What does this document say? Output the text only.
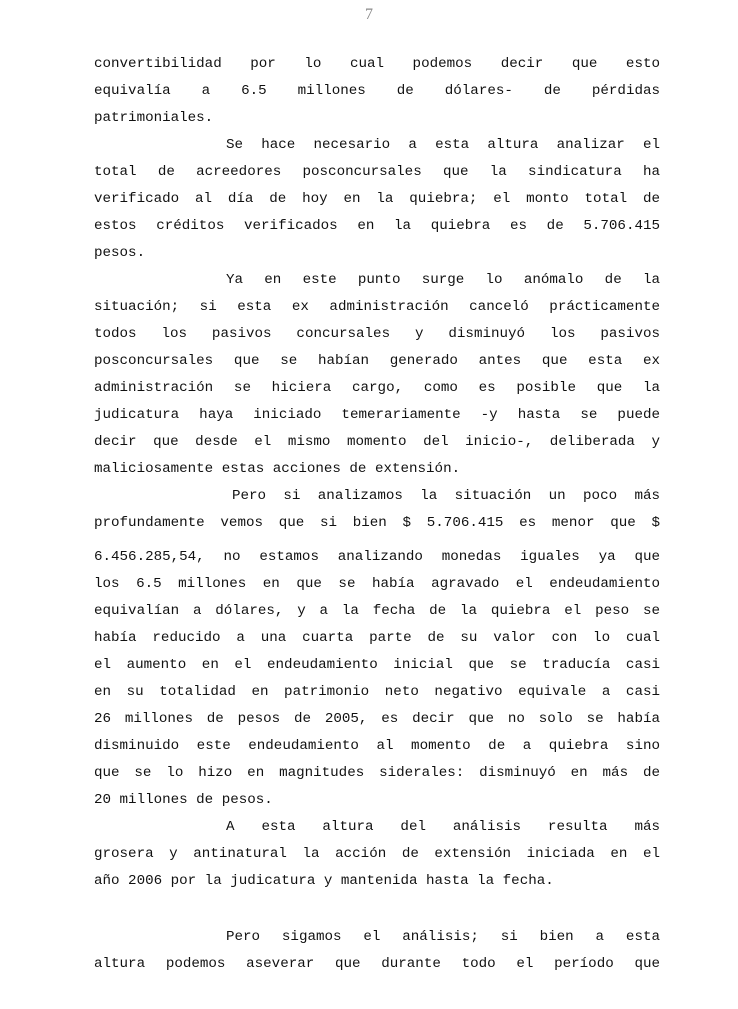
7
convertibilidad por lo cual podemos decir que esto
equivalía a 6.5 millones de dólares- de pérdidas
patrimoniales.
Se hace necesario a esta altura analizar el
total de acreedores posconcursales que la sindicatura ha
verificado al día de hoy en la quiebra; el monto total de
estos créditos verificados en la quiebra es de 5.706.415
pesos.
Ya en este punto surge lo anómalo de la
situación; si esta ex administración canceló prácticamente
todos los pasivos concursales y disminuyó los pasivos
posconcursales que se habían generado antes que esta ex
administración se hiciera cargo, como es posible que la
judicatura haya iniciado temerariamente -y hasta se puede
decir que desde el mismo momento del inicio-, deliberada y
maliciosamente estas acciones de extensión.
Pero si analizamos la situación un poco más
profundamente vemos que si bien $ 5.706.415 es menor que $
6.456.285,54, no estamos analizando monedas iguales ya que
los 6.5 millones en que se había agravado el endeudamiento
equivalían a dólares, y a la fecha de la quiebra el peso se
había reducido a una cuarta parte de su valor con lo cual
el aumento en el endeudamiento inicial que se traducía casi
en su totalidad en patrimonio neto negativo equivale a casi
26 millones de pesos de 2005, es decir que no solo se había
disminuido este endeudamiento al momento de a quiebra sino
que se lo hizo en magnitudes siderales: disminuyó en más de
20 millones de pesos.
A esta altura del análisis resulta más
grosera y antinatural la acción de extensión iniciada en el
año 2006 por la judicatura y mantenida hasta la fecha.
Pero sigamos el análisis; si bien a esta
altura podemos aseverar que durante todo el período que
